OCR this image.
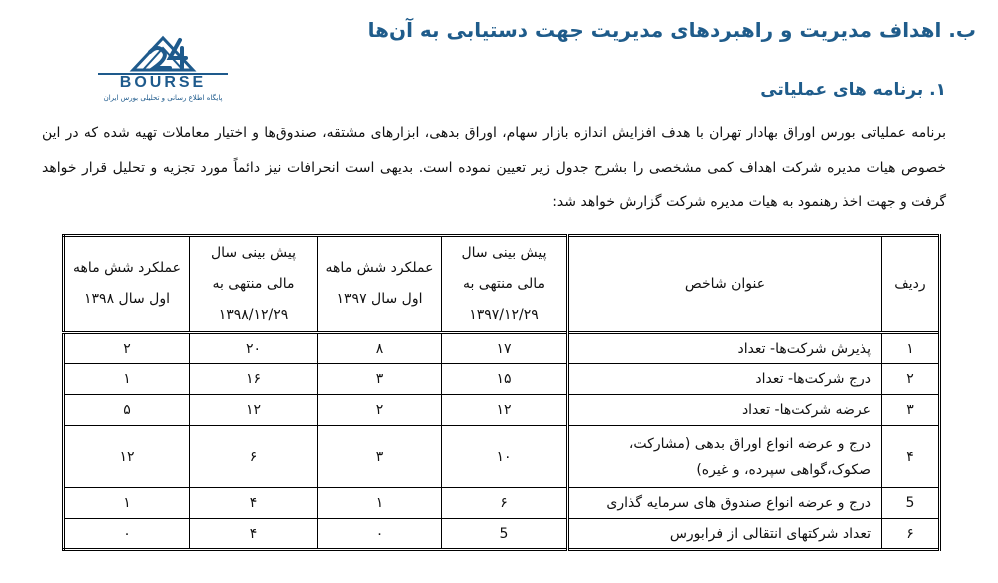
BOURSE
پایگاه اطلاع رسانی و تحلیلی بورس ایران
ب. اهداف مدیریت و راهبردهای مدیریت جهت دستیابی به آن‌ها
۱. برنامه های عملیاتی
برنامه عملیاتی بورس اوراق بهادار تهران با هدف افزایش اندازه بازار سهام، اوراق بدهی، ابزارهای مشتقه، صندوق‌ها و اختیار معاملات تهیه شده که در این خصوص هیات مدیره شرکت اهداف کمی مشخصی را بشرح جدول زیر تعیین نموده است. بدیهی است انحرافات نیز دائماً مورد تجزیه و تحلیل قرار خواهد گرفت و جهت اخذ رهنمود به هیات مدیره شرکت گزارش خواهد شد:
ردیف	عنوان شاخص	پیش بینی سال مالی منتهی به ۱۳۹۷/۱۲/۲۹	عملکرد شش ماهه اول سال ۱۳۹۷	پیش بینی سال مالی منتهی به ۱۳۹۸/۱۲/۲۹	عملکرد شش ماهه اول سال ۱۳۹۸
۱	پذیرش شرکت‌ها- تعداد	۱۷	۸	۲۰	۲
۲	درج شرکت‌ها- تعداد	۱۵	۳	۱۶	۱
۳	عرضه شرکت‌ها- تعداد	۱۲	۲	۱۲	۵
۴	درج و عرضه انواع اوراق بدهی (مشارکت، صکوک،گواهی سپرده، و غیره)	۱۰	۳	۶	۱۲
5	درج و عرضه انواع صندوق های سرمایه گذاری	۶	۱	۴	۱
۶	تعداد شرکتهای انتقالی از فرابورس	5	۰	۴	۰
